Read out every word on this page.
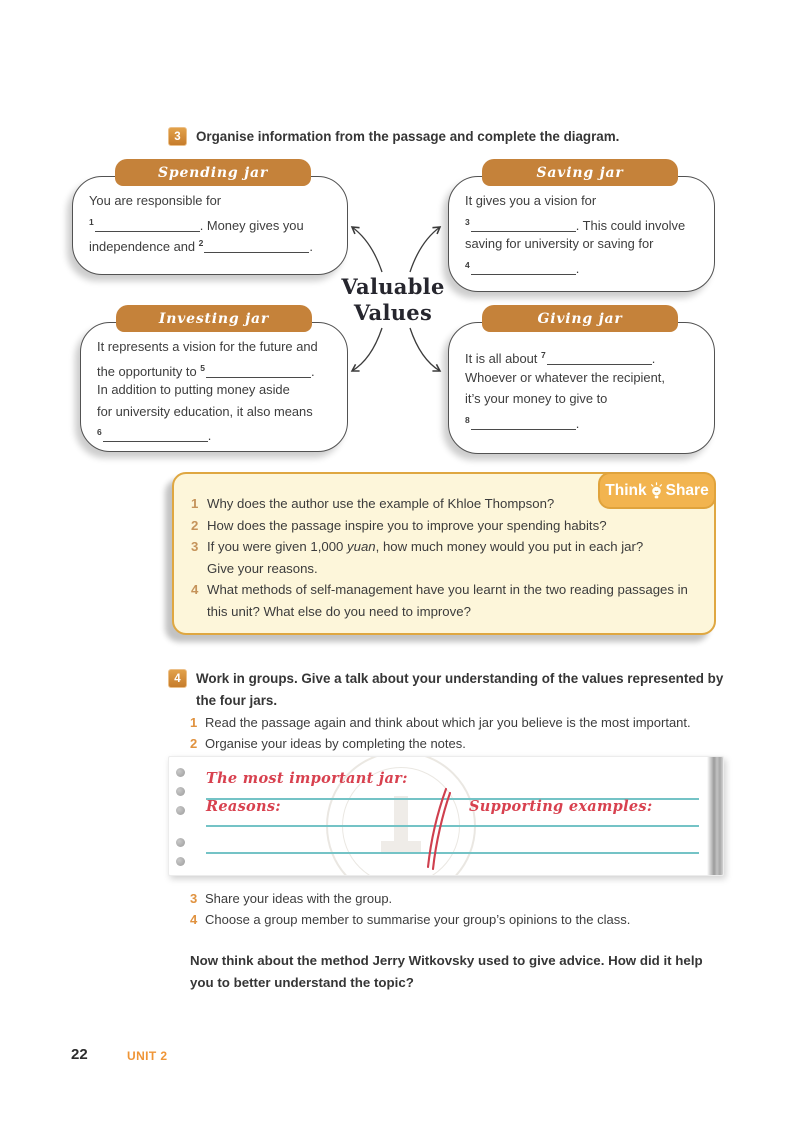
3	Organise information from the passage and complete the diagram.
Valuable
Values
Spending jar
You are responsible for
$^1$	. Money gives you
independence and $^2$	.
Saving jar
It gives you a vision for
$^3$	. This could involve
saving for university or saving for
$^4$	.
Investing jar
It represents a vision for the future and
the opportunity to $^5$	.
In addition to putting money aside
for university education, it also means
$^6$	.
Giving jar
It is all about $^7$	.
Whoever or whatever the recipient,
it’s your money to give to
$^8$	.
Think Share
1 Why does the author use the example of Khloe Thompson?
2 How does the passage inspire you to improve your spending habits?
3 If you were given 1,000 yuan, how much money would you put in each jar?
Give your reasons.
4 What methods of self-management have you learnt in the two reading passages in this unit? What else do you need to improve?
4	Work in groups. Give a talk about your understanding of the values represented by the four jars.
1 Read the passage again and think about which jar you believe is the most important.
2 Organise your ideas by completing the notes.
The most important jar:
Reasons:	Supporting examples:
3 Share your ideas with the group.
4 Choose a group member to summarise your group’s opinions to the class.
Now think about the method Jerry Witkovsky used to give advice. How did it help you to better understand the topic?
22	UNIT 2
